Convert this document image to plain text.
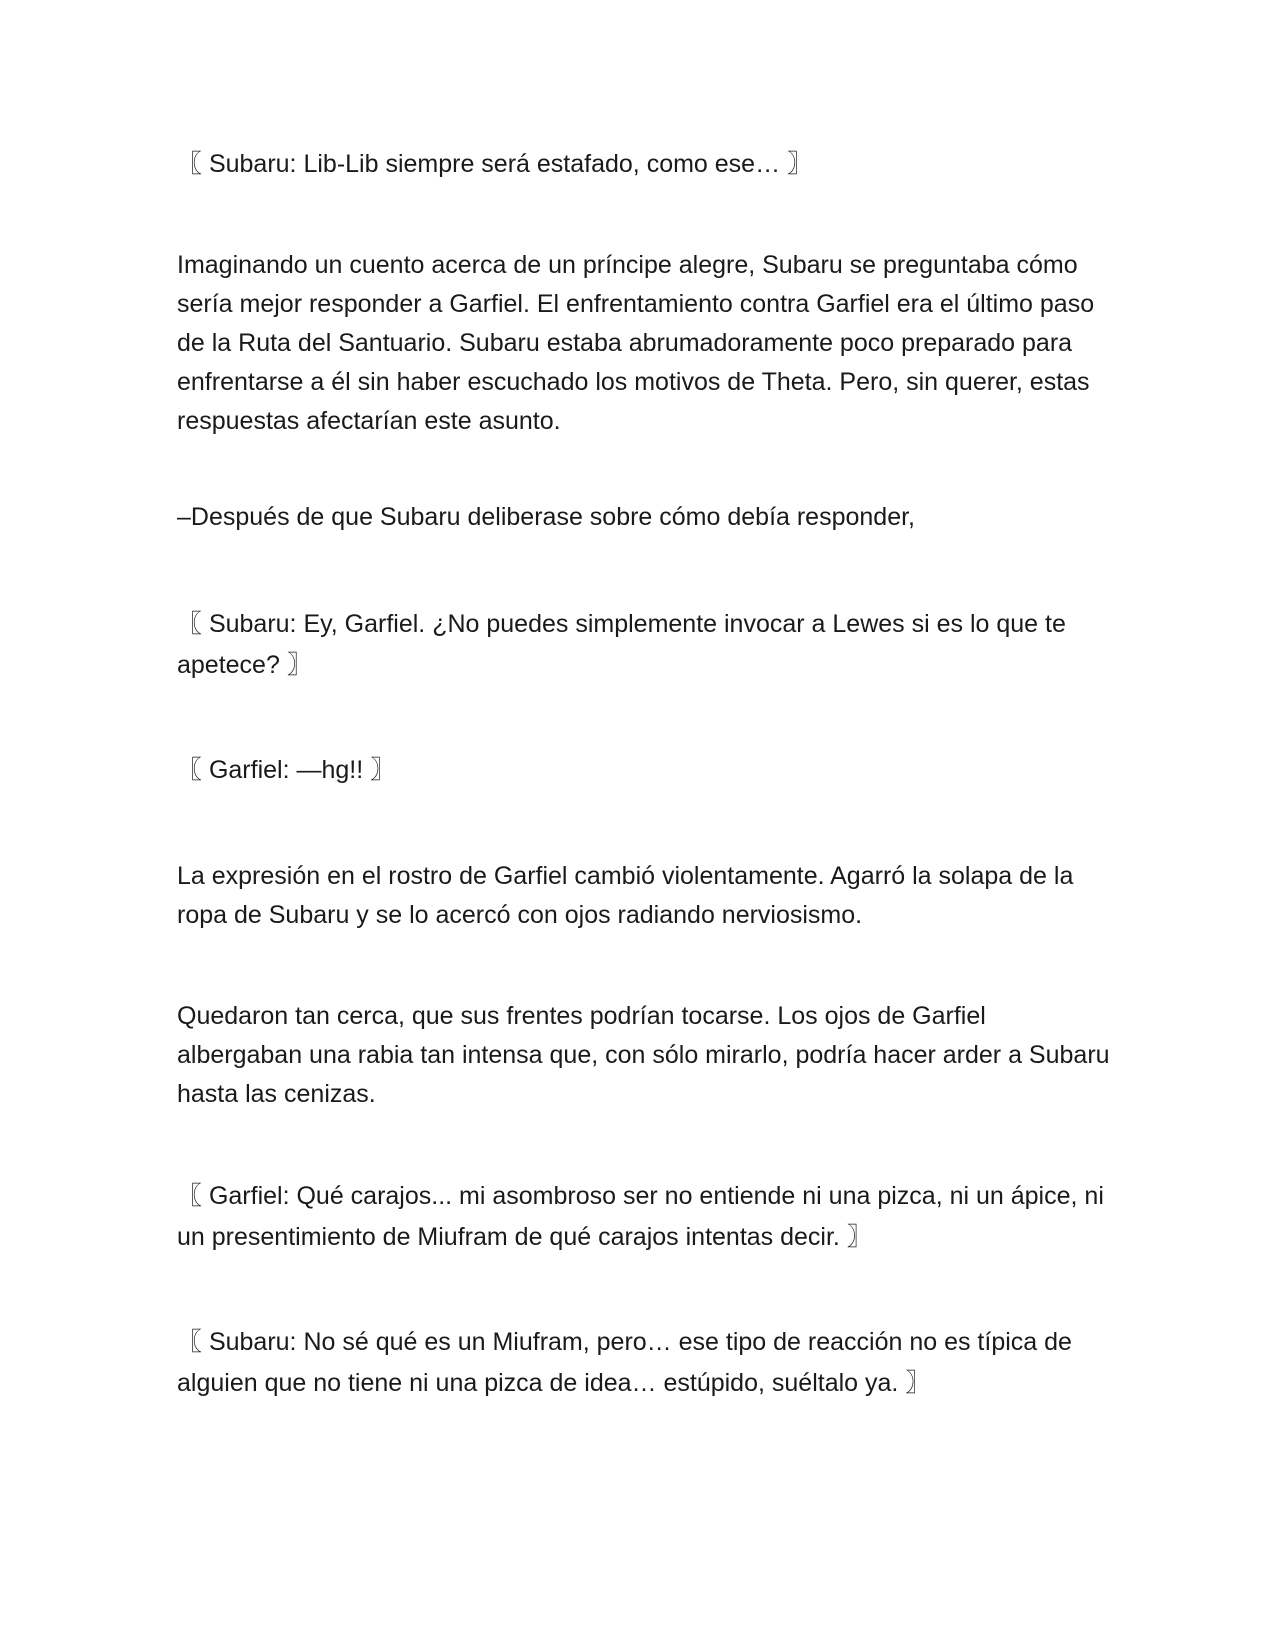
〖 Subaru: Lib-Lib siempre será estafado, como ese… 〗

Imaginando un cuento acerca de un príncipe alegre, Subaru se preguntaba cómo sería mejor responder a Garfiel. El enfrentamiento contra Garfiel era el último paso de la Ruta del Santuario. Subaru estaba abrumadoramente poco preparado para enfrentarse a él sin haber escuchado los motivos de Theta. Pero, sin querer, estas respuestas afectarían este asunto.

–Después de que Subaru deliberase sobre cómo debía responder,

〖 Subaru: Ey, Garfiel. ¿No puedes simplemente invocar a Lewes si es lo que te apetece? 〗

〖 Garfiel: —hg!! 〗

La expresión en el rostro de Garfiel cambió violentamente. Agarró la solapa de la ropa de Subaru y se lo acercó con ojos radiando nerviosismo.

Quedaron tan cerca, que sus frentes podrían tocarse. Los ojos de Garfiel albergaban una rabia tan intensa que, con sólo mirarlo, podría hacer arder a Subaru hasta las cenizas.

〖 Garfiel: Qué carajos... mi asombroso ser no entiende ni una pizca, ni un ápice, ni un presentimiento de Miufram de qué carajos intentas decir. 〗

〖 Subaru: No sé qué es un Miufram, pero… ese tipo de reacción no es típica de alguien que no tiene ni una pizca de idea… estúpido, suéltalo ya. 〗
